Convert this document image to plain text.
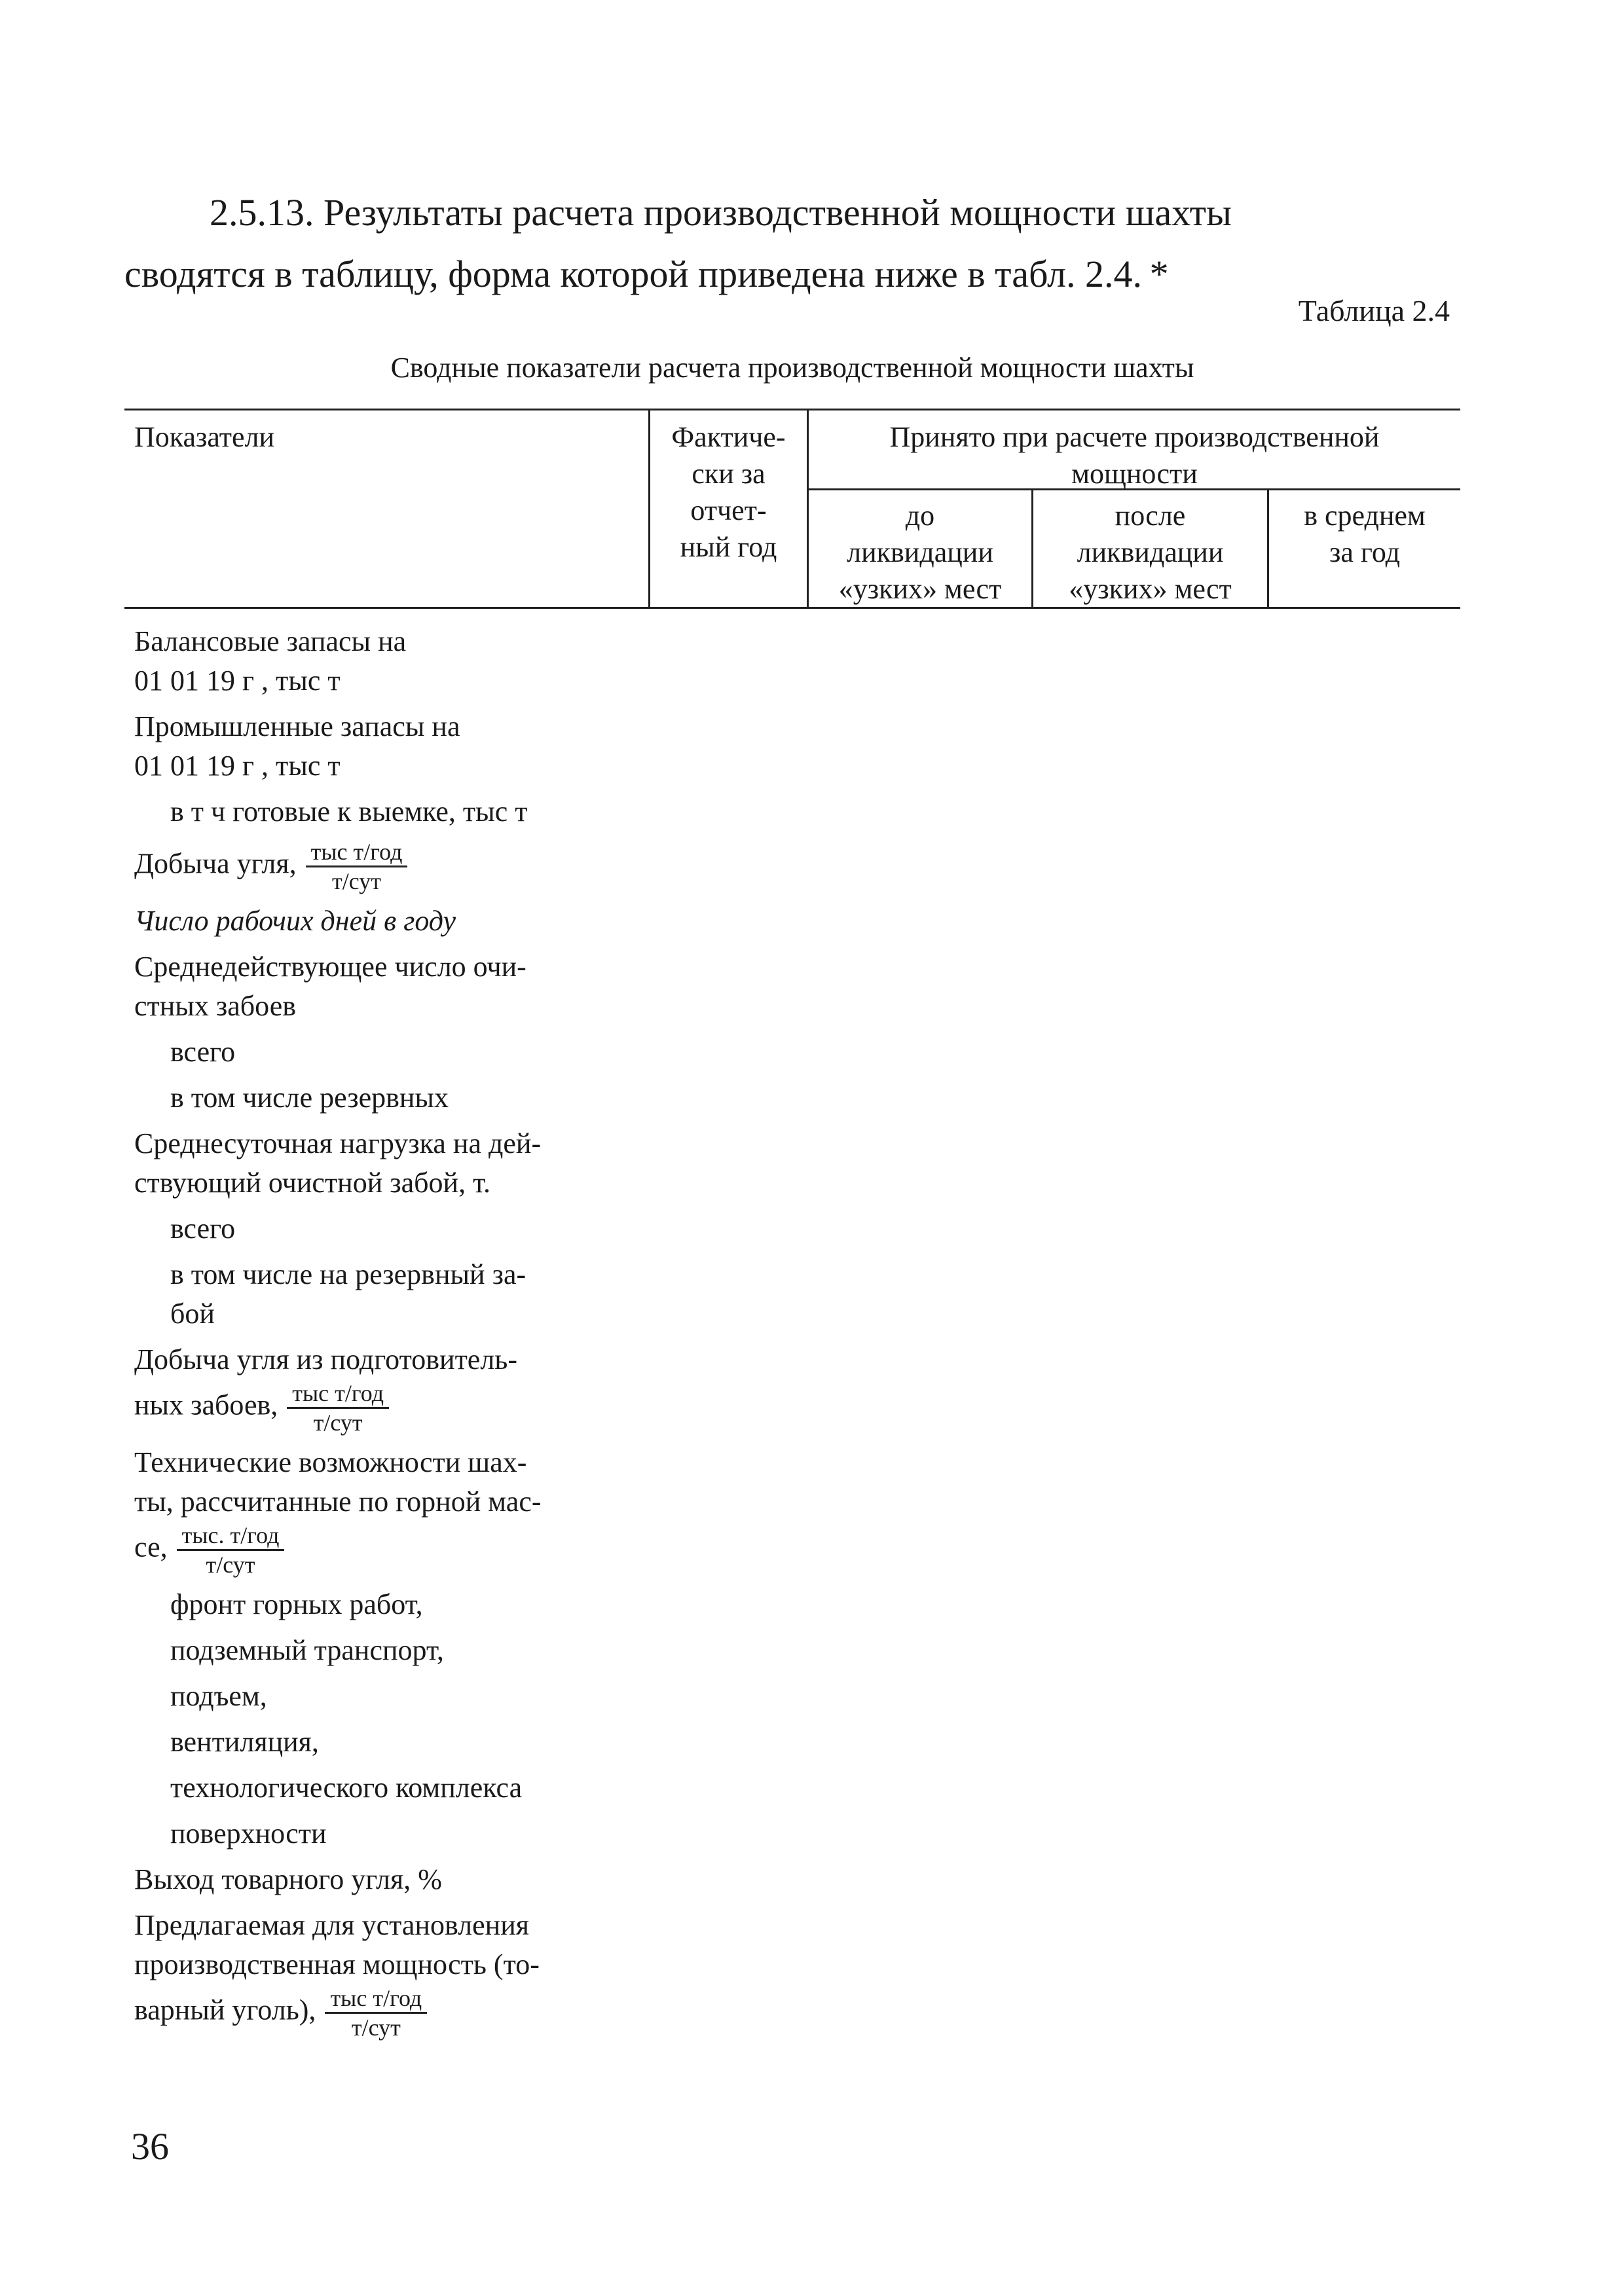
2.5.13. Результаты расчета производственной мощности шахты
сводятся в таблицу, форма которой приведена ниже в табл. 2.4. *
Таблица 2.4
Сводные показатели расчета производственной мощности шахты
Показатели	Фактиче-
ски за
отчет-
ный год
Принято при расчете производственной
мощности
до
ликвидации
«узких» мест
после
ликвидации
«узких» мест
в среднем
за год
Балансовые запасы на
01 01 19 г , тыс т
Промышленные запасы на
01 01 19 г , тыс т
в т ч готовые к выемке, тыс т
Добыча угля, $\frac{\text{тыс т/год}}{\text{т/сут}}$
Число рабочих дней в году
Среднедействующее число очи-
стных забоев
всего
в том числе резервных
Среднесуточная нагрузка на дей-
ствующий очистной забой, т.
всего
в том числе на резервный за-
бой
Добыча угля из подготовитель-
ных забоев, $\frac{\text{тыс т/год}}{\text{т/сут}}$
Технические возможности шах-
ты, рассчитанные по горной мас-
се, $\frac{\text{тыс. т/год}}{\text{т/сут}}$
фронт горных работ,
подземный транспорт,
подъем,
вентиляция,
технологического комплекса
поверхности
Выход товарного угля, %
Предлагаемая для установления
производственная мощность (то-
варный уголь), $\frac{\text{тыс т/год}}{\text{т/сут}}$
36
